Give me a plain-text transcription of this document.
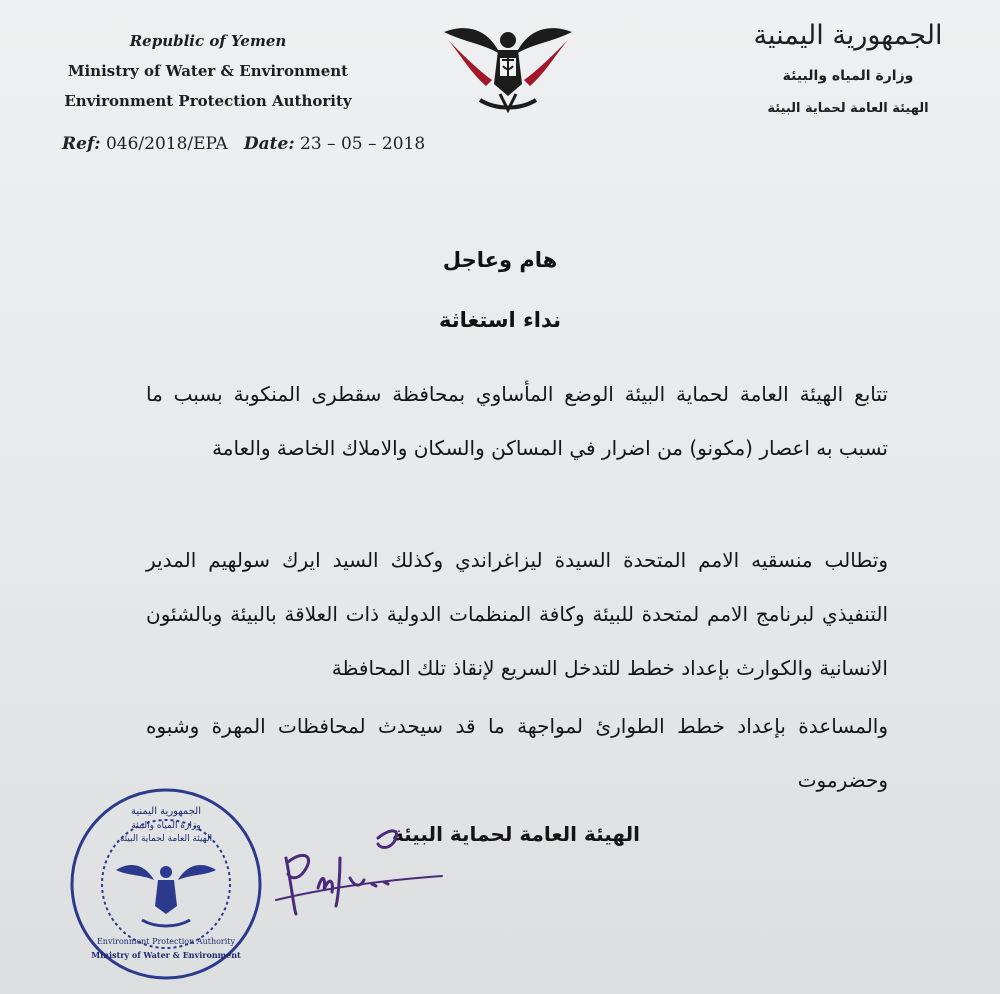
Republic of Yemen
Ministry of Water & Environment
Environment Protection Authority
الجمهورية اليمنية
وزارة المياه والبيئة
الهيئة العامة لحماية البيئة
Ref: 046/2018/EPA Date: 23 – 05 – 2018
هام وعاجل
نداء استغاثة
تتابع الهيئة العامة لحماية البيئة الوضع المأساوي بمحافظة سقطرى المنكوبة بسبب ما تسبب به اعصار (مكونو) من اضرار في المساكن والسكان والاملاك الخاصة والعامة
وتطالب منسقيه الامم المتحدة السيدة ليزاغراندي وكذلك السيد ايرك سولهيم المدير التنفيذي لبرنامج الامم لمتحدة للبيئة وكافة المنظمات الدولية ذات العلاقة بالبيئة وبالشئون الانسانية والكوارث بإعداد خطط للتدخل السريع لإنقاذ تلك المحافظة
والمساعدة بإعداد خطط الطوارئ لمواجهة ما قد سيحدث لمحافظات المهرة وشبوه وحضرموت
الهيئة العامة لحماية البيئة
الجمهورية اليمنية
وزارة المياه والبيئة
الهيئة العامة لحماية البيئة
Environment Protection Authority
Ministry of Water & Environment
